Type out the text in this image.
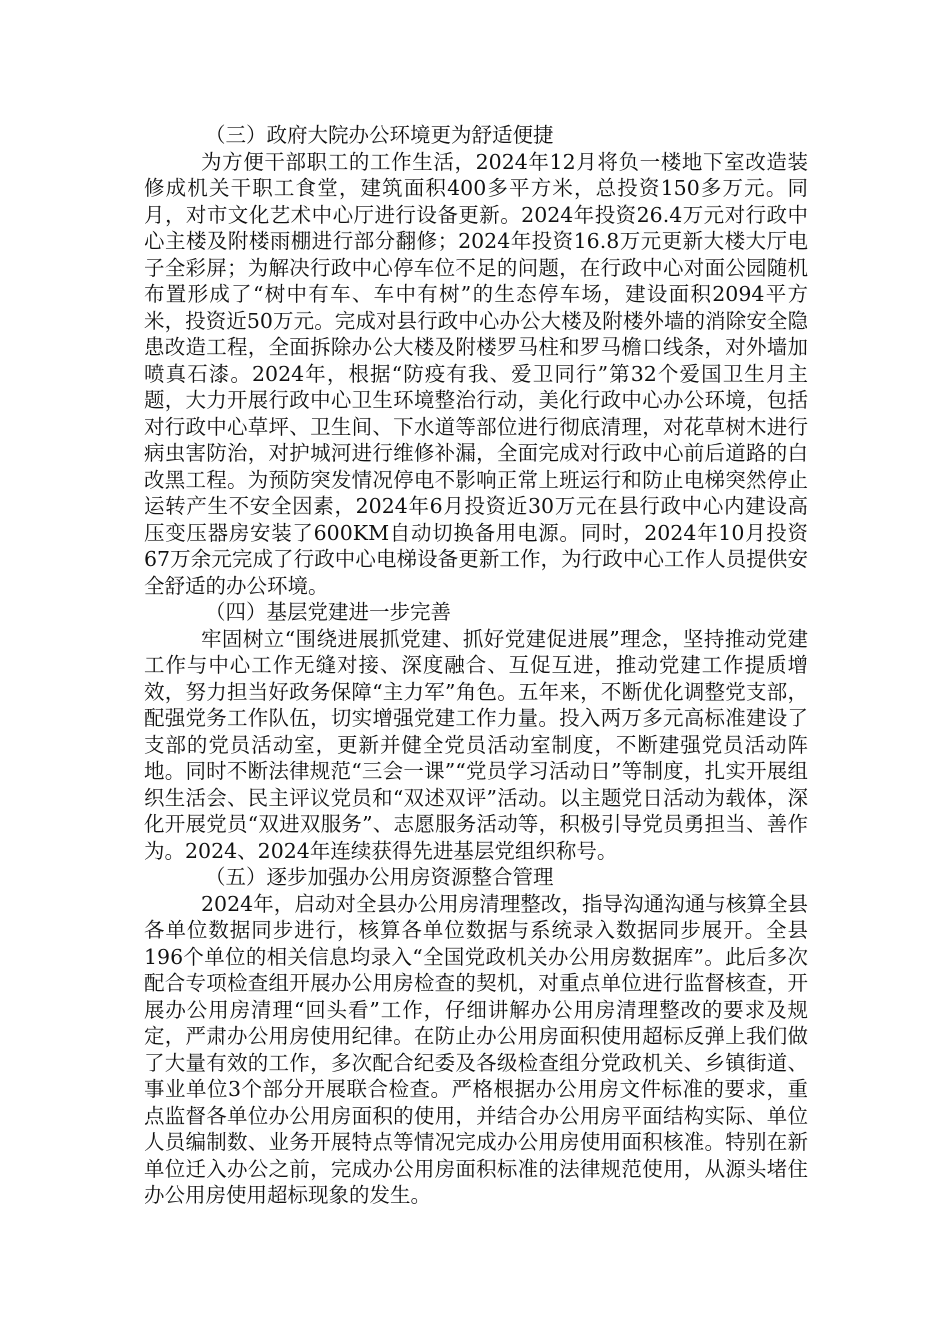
（三）政府大院办公环境更为舒适便捷

为方便干部职工的工作生活，2024年12月将负一楼地下室改造装修成机关干职工食堂，建筑面积400多平方米，总投资150多万元。同月，对市文化艺术中心厅进行设备更新。2024年投资26.4万元对行政中心主楼及附楼雨棚进行部分翻修；2024年投资16.8万元更新大楼大厅电子全彩屏；为解决行政中心停车位不足的问题，在行政中心对面公园随机布置形成了“树中有车、车中有树”的生态停车场，建设面积2094平方米，投资近50万元。完成对县行政中心办公大楼及附楼外墙的消除安全隐患改造工程，全面拆除办公大楼及附楼罗马柱和罗马檐口线条，对外墙加喷真石漆。2024年，根据“防疫有我、爱卫同行”第32个爱国卫生月主题，大力开展行政中心卫生环境整治行动，美化行政中心办公环境，包括对行政中心草坪、卫生间、下水道等部位进行彻底清理，对花草树木进行病虫害防治，对护城河进行维修补漏，全面完成对行政中心前后道路的白改黑工程。为预防突发情况停电不影响正常上班运行和防止电梯突然停止运转产生不安全因素，2024年6月投资近30万元在县行政中心内建设高压变压器房安装了600KM自动切换备用电源。同时，2024年10月投资67万余元完成了行政中心电梯设备更新工作，为行政中心工作人员提供安全舒适的办公环境。

（四）基层党建进一步完善

牢固树立“围绕进展抓党建、抓好党建促进展”理念，坚持推动党建工作与中心工作无缝对接、深度融合、互促互进，推动党建工作提质增效，努力担当好政务保障“主力军”角色。五年来，不断优化调整党支部，配强党务工作队伍，切实增强党建工作力量。投入两万多元高标准建设了支部的党员活动室，更新并健全党员活动室制度，不断建强党员活动阵地。同时不断法律规范“三会一课”“党员学习活动日”等制度，扎实开展组织生活会、民主评议党员和“双述双评”活动。以主题党日活动为载体，深化开展党员“双进双服务”、志愿服务活动等，积极引导党员勇担当、善作为。2024、2024年连续获得先进基层党组织称号。

（五）逐步加强办公用房资源整合管理

2024年，启动对全县办公用房清理整改，指导沟通沟通与核算全县各单位数据同步进行，核算各单位数据与系统录入数据同步展开。全县196个单位的相关信息均录入“全国党政机关办公用房数据库”。此后多次配合专项检查组开展办公用房检查的契机，对重点单位进行监督核查，开展办公用房清理“回头看”工作，仔细讲解办公用房清理整改的要求及规定，严肃办公用房使用纪律。在防止办公用房面积使用超标反弹上我们做了大量有效的工作，多次配合纪委及各级检查组分党政机关、乡镇街道、事业单位3个部分开展联合检查。严格根据办公用房文件标准的要求，重点监督各单位办公用房面积的使用，并结合办公用房平面结构实际、单位人员编制数、业务开展特点等情况完成办公用房使用面积核准。特别在新单位迁入办公之前，完成办公用房面积标准的法律规范使用，从源头堵住办公用房使用超标现象的发生。
